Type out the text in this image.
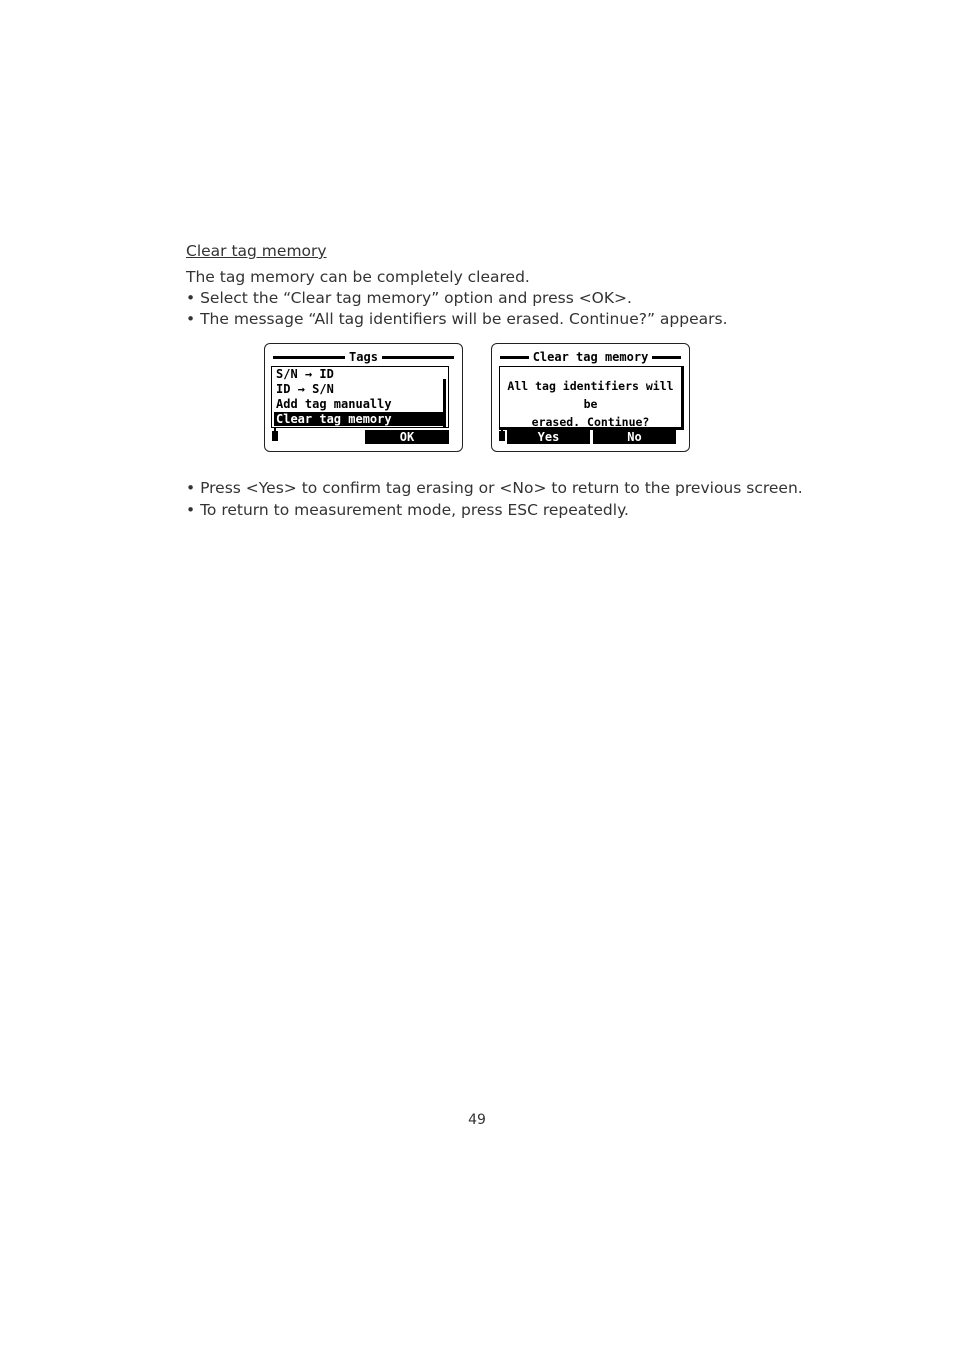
Clear tag memory
The tag memory can be completely cleared.
• Select the “Clear tag memory” option and press <OK>.
• The message “All tag identifiers will be erased. Continue?” appears.
Tags
S/N → ID
ID → S/N
Add tag manually
Clear tag memory
OK
Clear tag memory
All tag identifiers will be
erased. Continue?
Yes	No
• Press <Yes> to confirm tag erasing or <No> to return to the previous screen.
• To return to measurement mode, press ESC repeatedly.
49
